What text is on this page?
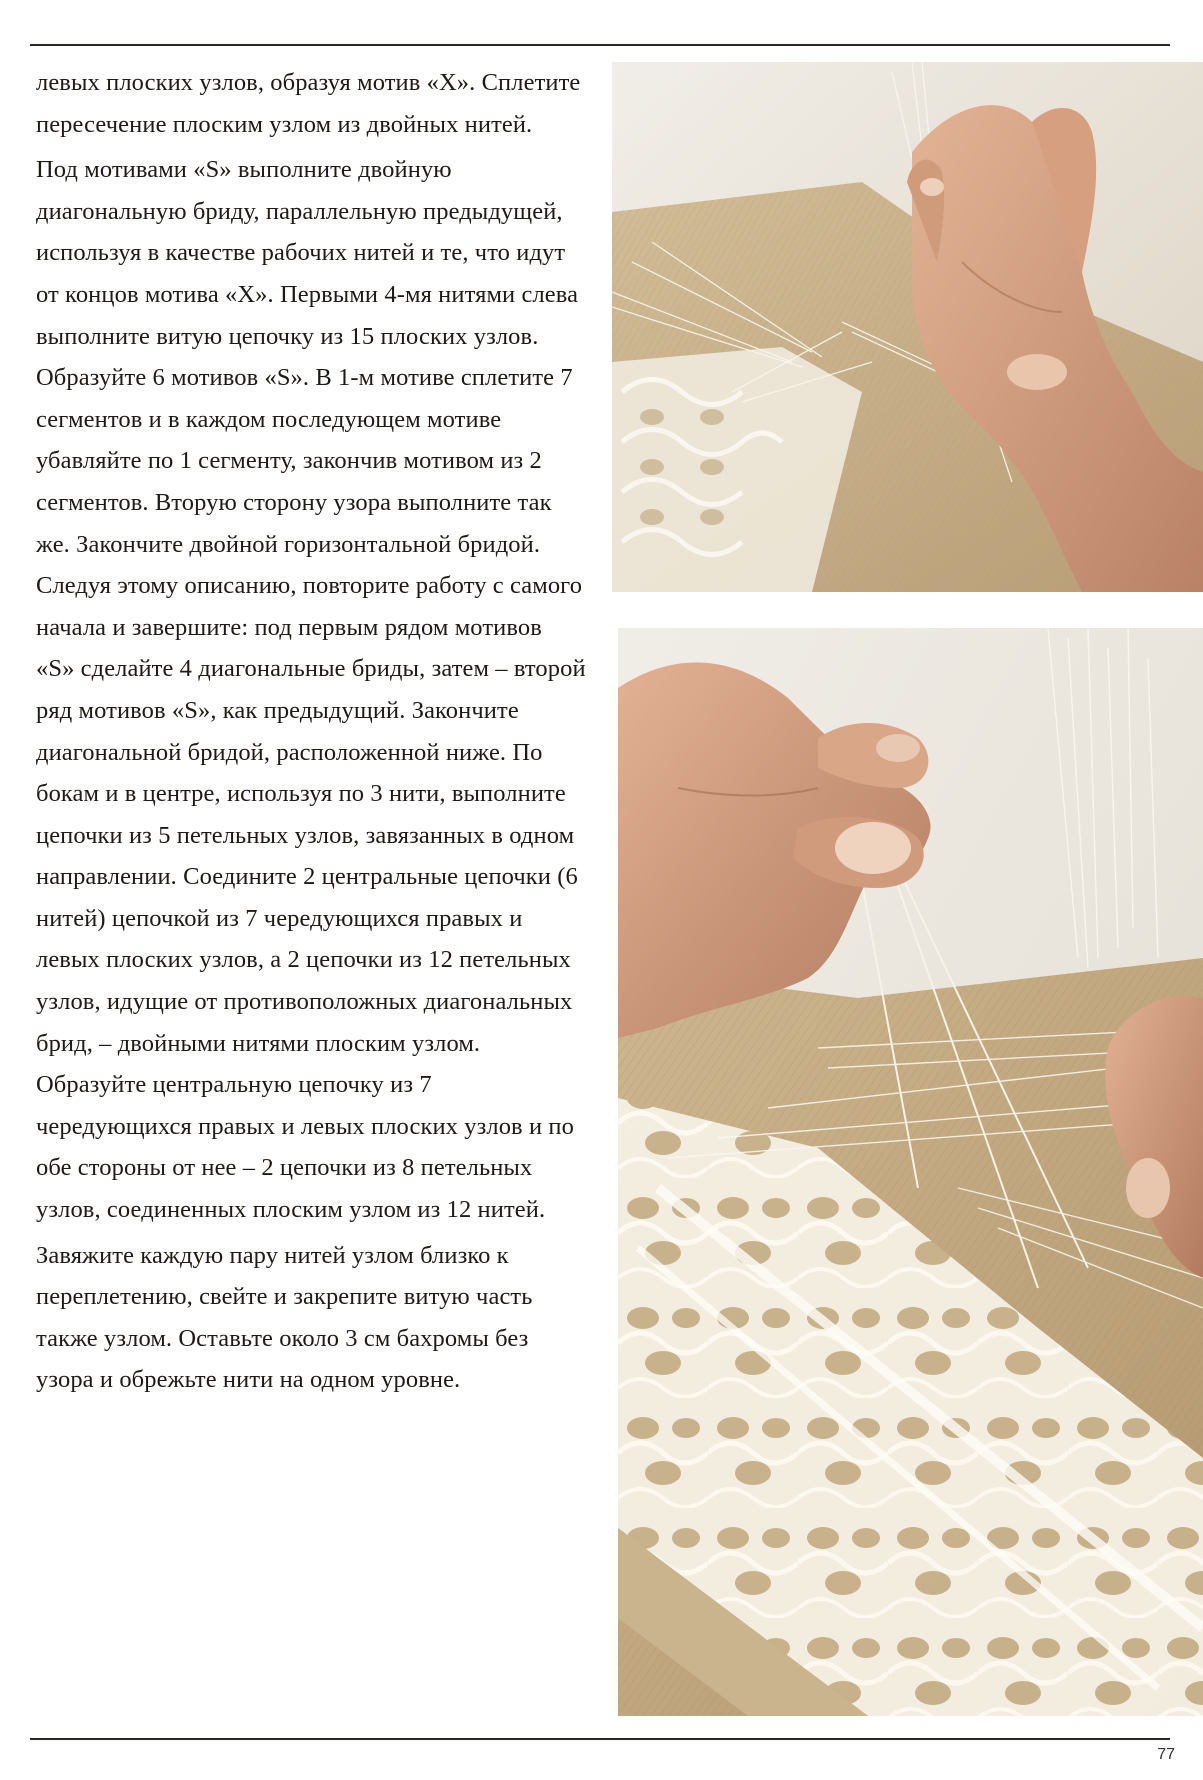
левых плоских узлов, образуя мотив «X». Сплетите пересечение плоским узлом из двойных нитей.

Под мотивами «S» выполните двойную диагональную бриду, параллельную предыдущей, используя в качестве рабочих нитей и те, что идут от концов мотива «X». Первыми 4-мя нитями слева выполните витую цепочку из 15 плоских узлов. Образуйте 6 мотивов «S». В 1-м мотиве сплетите 7 сегментов и в каждом последующем мотиве убавляйте по 1 сегменту, закончив мотивом из 2 сегментов. Вторую сторону узора выполните так же. Закончите двойной горизонтальной бридой. Следуя этому описанию, повторите работу с самого начала и завершите: под первым рядом мотивов «S» сделайте 4 диагональные бриды, затем – второй ряд мотивов «S», как предыдущий. Закончите диагональной бридой, расположенной ниже. По бокам и в центре, используя по 3 нити, выполните цепочки из 5 петельных узлов, завязанных в одном направлении. Соедините 2 центральные цепочки (6 нитей) цепочкой из 7 чередующихся правых и левых плоских узлов, а 2 цепочки из 12 петельных узлов, идущие от противоположных диагональных брид, – двойными нитями плоским узлом. Образуйте центральную цепочку из 7 чередующихся правых и левых плоских узлов и по обе стороны от нее – 2 цепочки из 8 петельных узлов, соединенных плоским узлом из 12 нитей.

Завяжите каждую пару нитей узлом близко к переплетению, свейте и закрепите витую часть также узлом. Оставьте около 3 см бахромы без узора и обрежьте нити на одном уровне.

77
